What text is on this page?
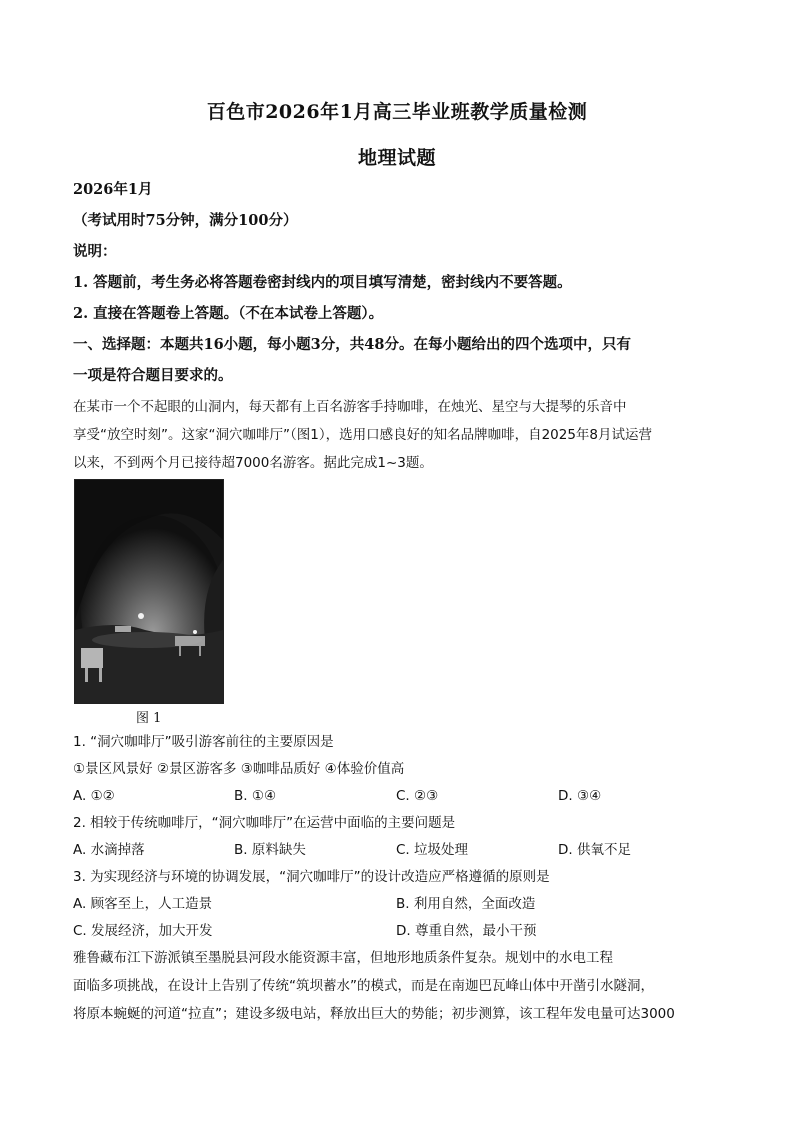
百色市2026年1月高三毕业班教学质量检测
地理试题
2026年1月
（考试用时75分钟，满分100分）
说明：
1. 答题前，考生务必将答题卷密封线内的项目填写清楚，密封线内不要答题。
2. 直接在答题卷上答题。（不在本试卷上答题）。
一、选择题：本题共16小题，每小题3分，共48分。在每小题给出的四个选项中，只有
一项是符合题目要求的。
在某市一个不起眼的山洞内，每天都有上百名游客手持咖啡，在烛光、星空与大提琴的乐音中
享受“放空时刻”。这家“洞穴咖啡厅”（图1），选用口感良好的知名品牌咖啡，自2025年8月试运营
以来，不到两个月已接待超7000名游客。据此完成1~3题。
图 1
1. “洞穴咖啡厅”吸引游客前往的主要原因是
①景区风景好 ②景区游客多 ③咖啡品质好 ④体验价值高
A. ①②	B. ①④	C. ②③	D. ③④
2. 相较于传统咖啡厅，“洞穴咖啡厅”在运营中面临的主要问题是
A. 水滴掉落	B. 原料缺失	C. 垃圾处理	D. 供氧不足
3. 为实现经济与环境的协调发展，“洞穴咖啡厅”的设计改造应严格遵循的原则是
A. 顾客至上，人工造景	B. 利用自然，全面改造
C. 发展经济，加大开发	D. 尊重自然，最小干预
雅鲁藏布江下游派镇至墨脱县河段水能资源丰富，但地形地质条件复杂。规划中的水电工程
面临多项挑战，在设计上告别了传统“筑坝蓄水”的模式，而是在南迦巴瓦峰山体中开凿引水隧洞，
将原本蜿蜒的河道“拉直”；建设多级电站，释放出巨大的势能；初步测算，该工程年发电量可达3000
